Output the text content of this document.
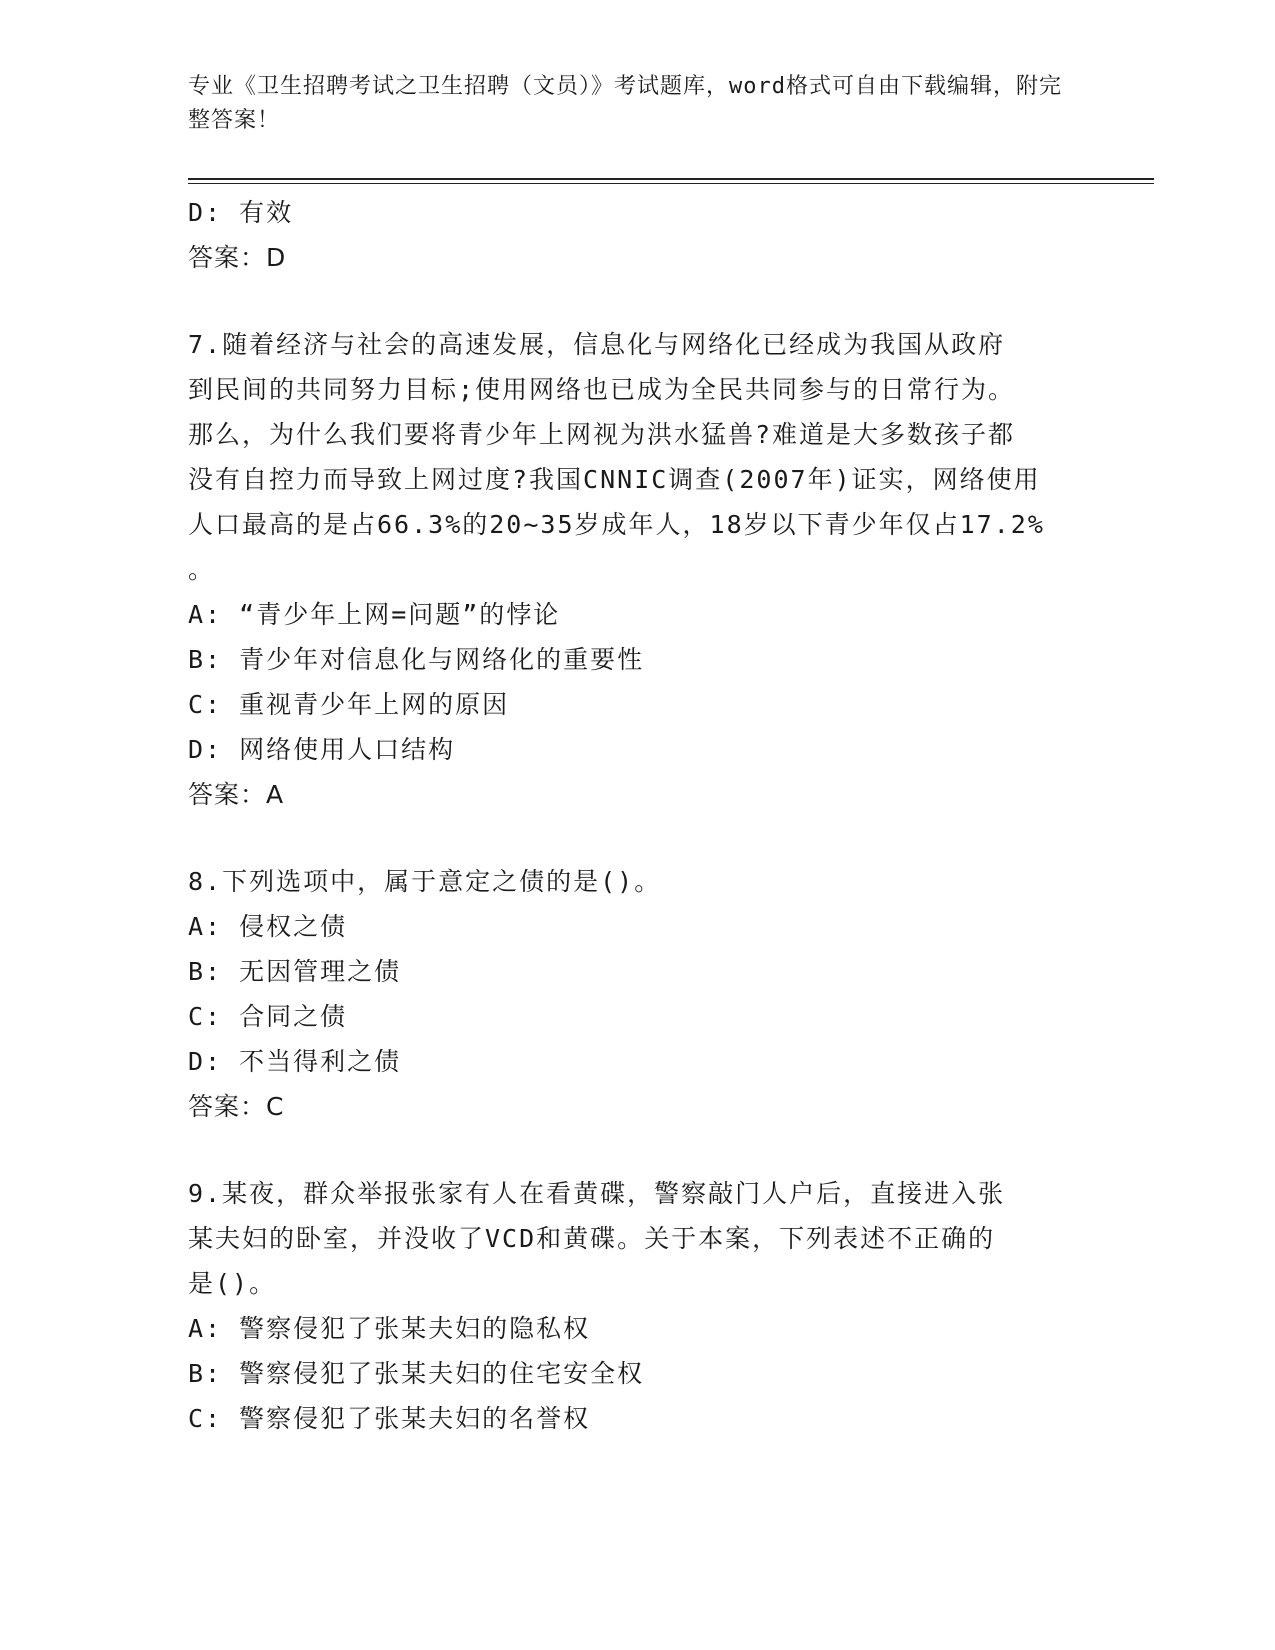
专业《卫生招聘考试之卫生招聘（文员）》考试题库，word格式可自由下载编辑，附完整答案！
D: 有效
答案：D
7.随着经济与社会的高速发展，信息化与网络化已经成为我国从政府
到民间的共同努力目标;使用网络也已成为全民共同参与的日常行为。
那么，为什么我们要将青少年上网视为洪水猛兽?难道是大多数孩子都
没有自控力而导致上网过度?我国CNNIC调查(2007年)证实，网络使用
人口最高的是占66.3%的20~35岁成年人，18岁以下青少年仅占17.2%
。
A: “青少年上网=问题”的悖论
B: 青少年对信息化与网络化的重要性
C: 重视青少年上网的原因
D: 网络使用人口结构
答案：A
8.下列选项中，属于意定之债的是()。
A: 侵权之债
B: 无因管理之债
C: 合同之债
D: 不当得利之债
答案：C
9.某夜，群众举报张家有人在看黄碟，警察敲门人户后，直接进入张
某夫妇的卧室，并没收了VCD和黄碟。关于本案，下列表述不正确的
是()。
A: 警察侵犯了张某夫妇的隐私权
B: 警察侵犯了张某夫妇的住宅安全权
C: 警察侵犯了张某夫妇的名誉权
